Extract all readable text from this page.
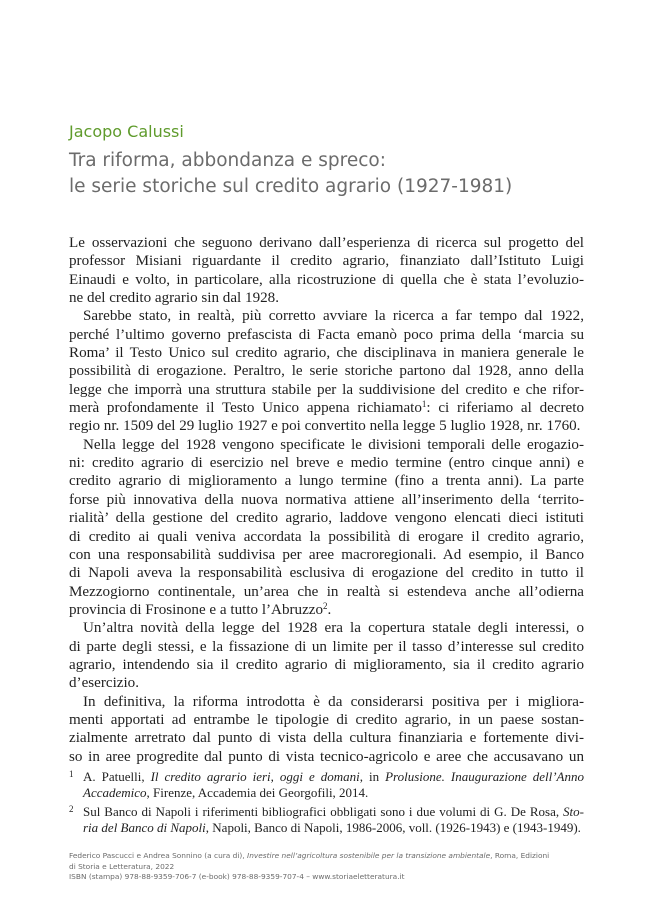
Jacopo Calussi
Tra riforma, abbondanza e spreco:
le serie storiche sul credito agrario (1927-1981)
Le osservazioni che seguono derivano dall’esperienza di ricerca sul progetto del
professor Misiani riguardante il credito agrario, finanziato dall’Istituto Luigi
Einaudi e volto, in particolare, alla ricostruzione di quella che è stata l’evoluzio-
ne del credito agrario sin dal 1928.
Sarebbe stato, in realtà, più corretto avviare la ricerca a far tempo dal 1922,
perché l’ultimo governo prefascista di Facta emanò poco prima della ‘marcia su
Roma’ il Testo Unico sul credito agrario, che disciplinava in maniera generale le
possibilità di erogazione. Peraltro, le serie storiche partono dal 1928, anno della
legge che imporrà una struttura stabile per la suddivisione del credito e che rifor-
merà profondamente il Testo Unico appena richiamato$^1$: ci riferiamo al decreto
regio nr. 1509 del 29 luglio 1927 e poi convertito nella legge 5 luglio 1928, nr. 1760.
Nella legge del 1928 vengono specificate le divisioni temporali delle erogazio-
ni: credito agrario di esercizio nel breve e medio termine (entro cinque anni) e
credito agrario di miglioramento a lungo termine (fino a trenta anni). La parte
forse più innovativa della nuova normativa attiene all’inserimento della ‘territo-
rialità’ della gestione del credito agrario, laddove vengono elencati dieci istituti
di credito ai quali veniva accordata la possibilità di erogare il credito agrario,
con una responsabilità suddivisa per aree macroregionali. Ad esempio, il Banco
di Napoli aveva la responsabilità esclusiva di erogazione del credito in tutto il
Mezzogiorno continentale, un’area che in realtà si estendeva anche all’odierna
provincia di Frosinone e a tutto l’Abruzzo$^2$.
Un’altra novità della legge del 1928 era la copertura statale degli interessi, o
di parte degli stessi, e la fissazione di un limite per il tasso d’interesse sul credito
agrario, intendendo sia il credito agrario di miglioramento, sia il credito agrario
d’esercizio.
In definitiva, la riforma introdotta è da considerarsi positiva per i migliora-
menti apportati ad entrambe le tipologie di credito agrario, in un paese sostan-
zialmente arretrato dal punto di vista della cultura finanziaria e fortemente divi-
so in aree progredite dal punto di vista tecnico-agricolo e aree che accusavano un
1 A. Patuelli, Il credito agrario ieri, oggi e domani, in Prolusione. Inaugurazione dell’Anno
Accademico, Firenze, Accademia dei Georgofili, 2014.
2 Sul Banco di Napoli i riferimenti bibliografici obbligati sono i due volumi di G. De Rosa, Sto-
ria del Banco di Napoli, Napoli, Banco di Napoli, 1986-2006, voll. (1926-1943) e (1943-1949).
Federico Pascucci e Andrea Sonnino (a cura di), Investire nell’agricoltura sostenibile per la transizione ambientale, Roma, Edizioni
di Storia e Letteratura, 2022
ISBN (stampa) 978-88-9359-706-7 (e-book) 978-88-9359-707-4 – www.storiaeletteratura.it
